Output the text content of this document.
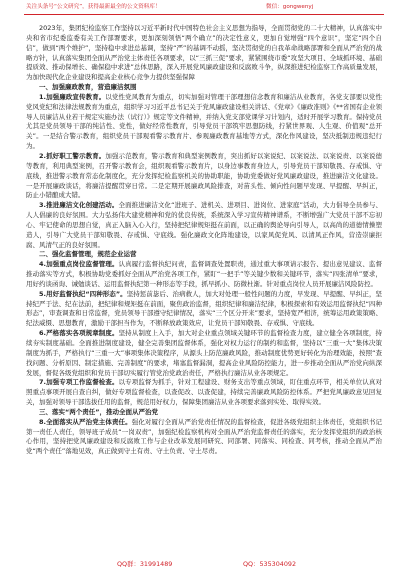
关注头条号“公文研究”，获得最新最全的公文资料库！	微信：gongwenyj

2023年，集团纪检监察工作坚持以习近平新时代中国特色社会主义思想为指导，全面贯彻党的二十大精神，认真落实中央和省市纪委监委有关工作部署要求，更加深刻领悟“两个确立”的决定性意义，更加自觉增强“四个意识”，坚定“四个自信”，做到“两个维护”，坚持稳中求进总基调，坚持“严”的基调不动摇，坚决贯彻党的自我革命战略部署和全面从严治党的战略方针，认真落实集团全面从严治党主体责任各项要求，以“三抓三促”要求，紧紧围绕市委“攻坚大项目、全域抓环境、基础提质效、推动保增长、确保稳中求进”总体思路，深入开展党风廉政建设和反腐败斗争，纵深推进纪检监察工作高质量发展，为加快现代化企业建设和提高企业核心竞争力提供坚强保障

一、加强廉政教育，营造廉洁氛围

1.加强廉政宣传教育。以党性党风教育为重点，切实加强对管理干部理想信念教育和廉洁从业教育，各党支部要以党性党风党纪和法律法规教育为重点，组织学习习近平总书记关于党风廉政建设相关讲话、《党章》《廉政准则》《**省国有企业领导人员廉洁从业若干规定实施办法（试行）》规定等文件精神，并纳入党支部党课学习计划内，适时开展学习教育。保持党员尤其是党员领导干部的纯洁性、党性，做好经常性教育，引导党员干部筑牢思想防线，拧紧世界观、人生观、价值观“总开关”。一是结合警示教育，组织党员干部观看警示教育片、参观廉政教育基地等方式，深化作风建设，坚决抵制违规违纪行为。

2.抓好职工警示教育。加强示范教育，警示教育和典型案例教育，突出抓好以案说纪、以案说法、以案说责、以案说德等教育，利用典型案例，召开警示教育会，组织观看警示教育片，以身边事教育身边人，引导党员干部知敬畏、存戒惧、守底线，推进警示教育常态化制度化，充分发挥纪检监察机关的协助职能，协助党委做好党风廉政建设，推进廉洁文化建设。一是开展廉政谈话，将廉洁提醒贯穿日常。二是定期开展廉政风险排查，对苗头性、倾向性问题早发现、早提醒、早纠正，防止小错酿成大错。

3.推进廉洁文化创建活动。全面推进廉洁文化“进班子、进机关、进项目、进岗位、进家庭”活动，大力倡导全员参与、人人倡廉的良好氛围。大力弘扬伟大建党精神和党的优良传统，系统深入学习宣传精神谱系，不断增强广大党员干部不忘初心、牢记使命的思想自觉，真正入脑入心入行，坚持把纪律规矩挺在前面，以正确的舆论导向引导人，以高尚的道德情操塑造人，引导广大党员干部知敬畏、存戒惧、守底线。强化廉政文化阵地建设，以家风促党风、以清风正作风，营造崇廉拒腐、风清气正的良好氛围。

二、强化监督管理，规范企业运营

4.加强重点岗位监督管理。认真履行监督执纪问责，监督调查处置职责，通过重大事项请示报告、提出意见建议、监督推动落实等方式，积极协助党委抓好全面从严治党各项工作，紧盯“一把手”等关键少数和关键环节，落实“四张清单”要求，用好约谈函询、诫勉谈话、运用监督执纪第一种形态等手段，抓早抓小、防微杜渐。针对重点岗位人员开展廉洁风险防控。

5.用好监督执纪“四种形态”。坚持惩前毖后、治病救人，加大对处理一般性问题的力度，早发现、早提醒、早纠正，坚持纪严于法、纪在法前，把纪律和规矩挺在前面，聚焦政治监督，组织纪律和廉洁纪律，积极探索和有效运用监督执纪“四种形态”，审查调查和日常监督，党员领导干部遵守纪律情况，落实“三个区分开来”要求，坚持宽严相济，统筹运用政策策略、纪法威慑、思想教育，激励干部担当作为，不断释放政策效应，让党员干部知敬畏、存戒惧、守底线。

6.严格落实各项规章制度。坚持从制度上入手，加大对企业重点领域关键环节的监督检查力度，建立健全各项制度，持续夯实制度基础。全面推进制度建设，健全完善集团监督体系，强化对权力运行的制约和监督，坚持以“三重一大”集体决策制度为抓手，严格执行“三重一大”事项集体决策程序，从源头上防范廉政风险，推动制度优势更好转化为治理效能，按照“查找问题、分析原因、制定措施、完善制度”的要求，堵塞监督漏洞，提高企业风险防控能力，进一步推动全面从严治党向纵深发展，督促各级党组织和党员干部切实履行管党治党政治责任，严格执行廉洁从业各项规定。

7.加强专项工作监督检查。以专项监督为抓手，针对工程建设、财务支出等重点领域，盯住重点环节，相关单位认真对照重点事项开展自查自纠，做好专项监督检查，以查促改、以查促建，持续完善廉政风险防控体系。严把党风廉政意见回复关，加强对领导干部选拔任用的监督，规范用好权力，保障集团廉洁从业各项要求落到实处、取得实效。

三、落实“两个责任”，推动全面从严治党

8.全面落实从严治党主体责任。强化对履行全面从严治党责任情况的监督检查，促进各级党组织主体责任，党组织书记第一责任人责任，领导班子成员“一岗双责”，加强纪检监察机构对全面从严治党监督责任的落实，充分发挥党组织的政治核心作用，坚持把党风廉政建设和反腐败工作与企业改革发展同研究、同部署、同落实、同检查、同考核，推动全面从严治党“两个责任”落地见效，真正做到守土有责、守土负责、守土尽责。

QQ群：31991489	QQ：535304092
